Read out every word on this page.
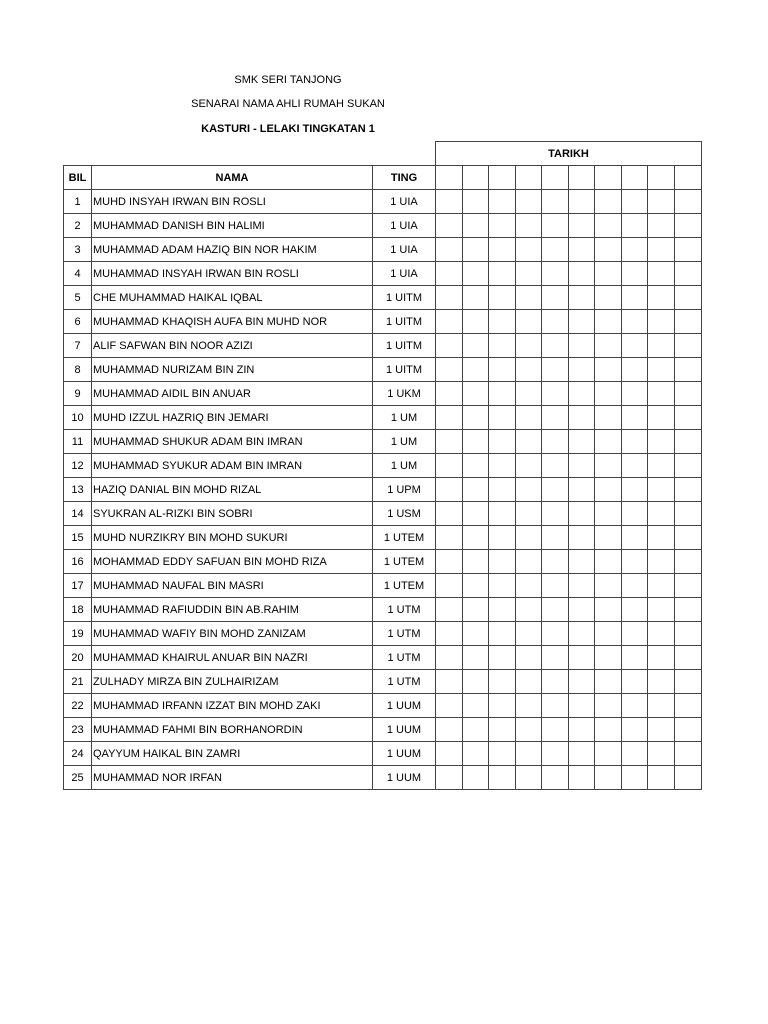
SMK SERI TANJONG
SENARAI NAMA AHLI RUMAH SUKAN
KASTURI - LELAKI TINGKATAN 1
			TARIKH									
BIL	NAMA	TING										
1	MUHD INSYAH IRWAN BIN ROSLI	1 UIA										
2	MUHAMMAD DANISH BIN HALIMI	1 UIA										
3	MUHAMMAD ADAM HAZIQ BIN NOR HAKIM	1 UIA										
4	MUHAMMAD INSYAH IRWAN BIN ROSLI	1 UIA										
5	CHE MUHAMMAD HAIKAL IQBAL	1 UITM										
6	MUHAMMAD KHAQISH AUFA BIN MUHD NOR	1 UITM										
7	ALIF SAFWAN BIN NOOR AZIZI	1 UITM										
8	MUHAMMAD NURIZAM BIN ZIN	1 UITM										
9	MUHAMMAD AIDIL BIN ANUAR	1 UKM										
10	MUHD IZZUL HAZRIQ BIN JEMARI	1 UM										
11	MUHAMMAD SHUKUR ADAM BIN IMRAN	1 UM										
12	MUHAMMAD SYUKUR ADAM BIN IMRAN	1 UM										
13	HAZIQ DANIAL BIN MOHD RIZAL	1 UPM										
14	SYUKRAN AL-RIZKI BIN SOBRI	1 USM										
15	MUHD NURZIKRY BIN MOHD SUKURI	1 UTEM										
16	MOHAMMAD EDDY SAFUAN BIN MOHD RIZA	1 UTEM										
17	MUHAMMAD NAUFAL BIN MASRI	1 UTEM										
18	MUHAMMAD RAFIUDDIN BIN AB.RAHIM	1 UTM										
19	MUHAMMAD WAFIY BIN MOHD ZANIZAM	1 UTM										
20	MUHAMMAD KHAIRUL ANUAR BIN NAZRI	1 UTM										
21	ZULHADY MIRZA BIN ZULHAIRIZAM	1 UTM										
22	MUHAMMAD IRFANN IZZAT BIN MOHD ZAKI	1 UUM										
23	MUHAMMAD FAHMI BIN BORHANORDIN	1 UUM										
24	QAYYUM HAIKAL BIN ZAMRI	1 UUM										
25	MUHAMMAD NOR IRFAN	1 UUM										
